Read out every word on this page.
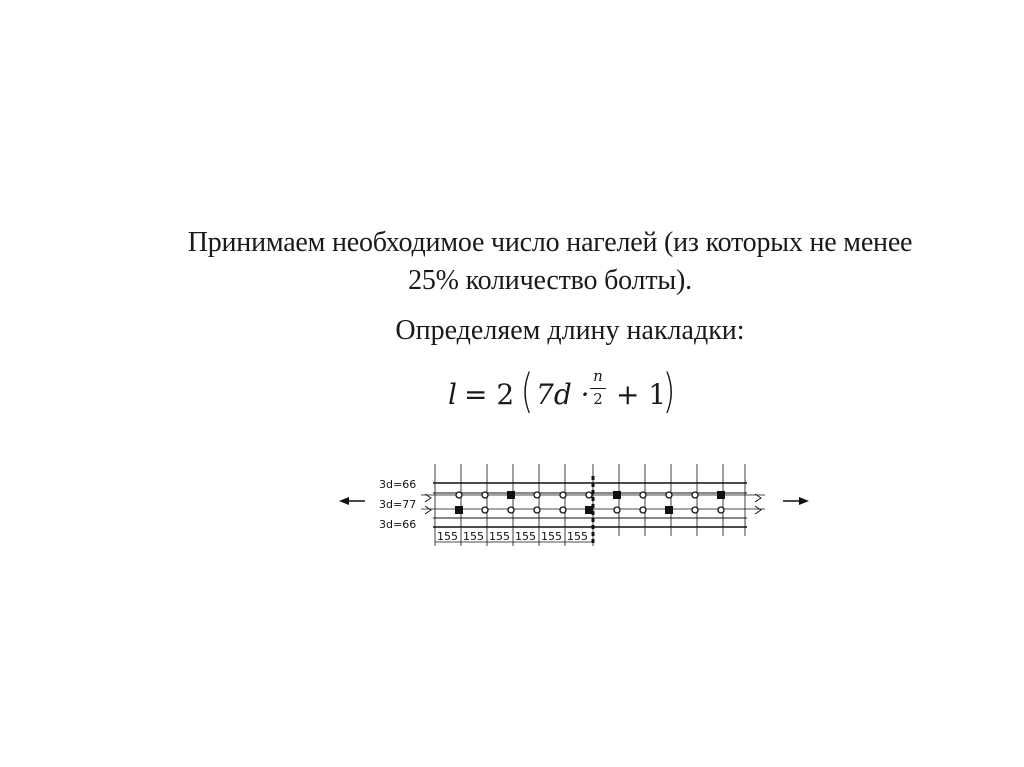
Принимаем необходимое число нагелей (из которых не менее
25% количество болты).
Определяем длину накладки:
l = 2 ( 7d ·
n
2 + 1
)
3d=66
3d=77
3d=66
155 155 155 155 155 155
